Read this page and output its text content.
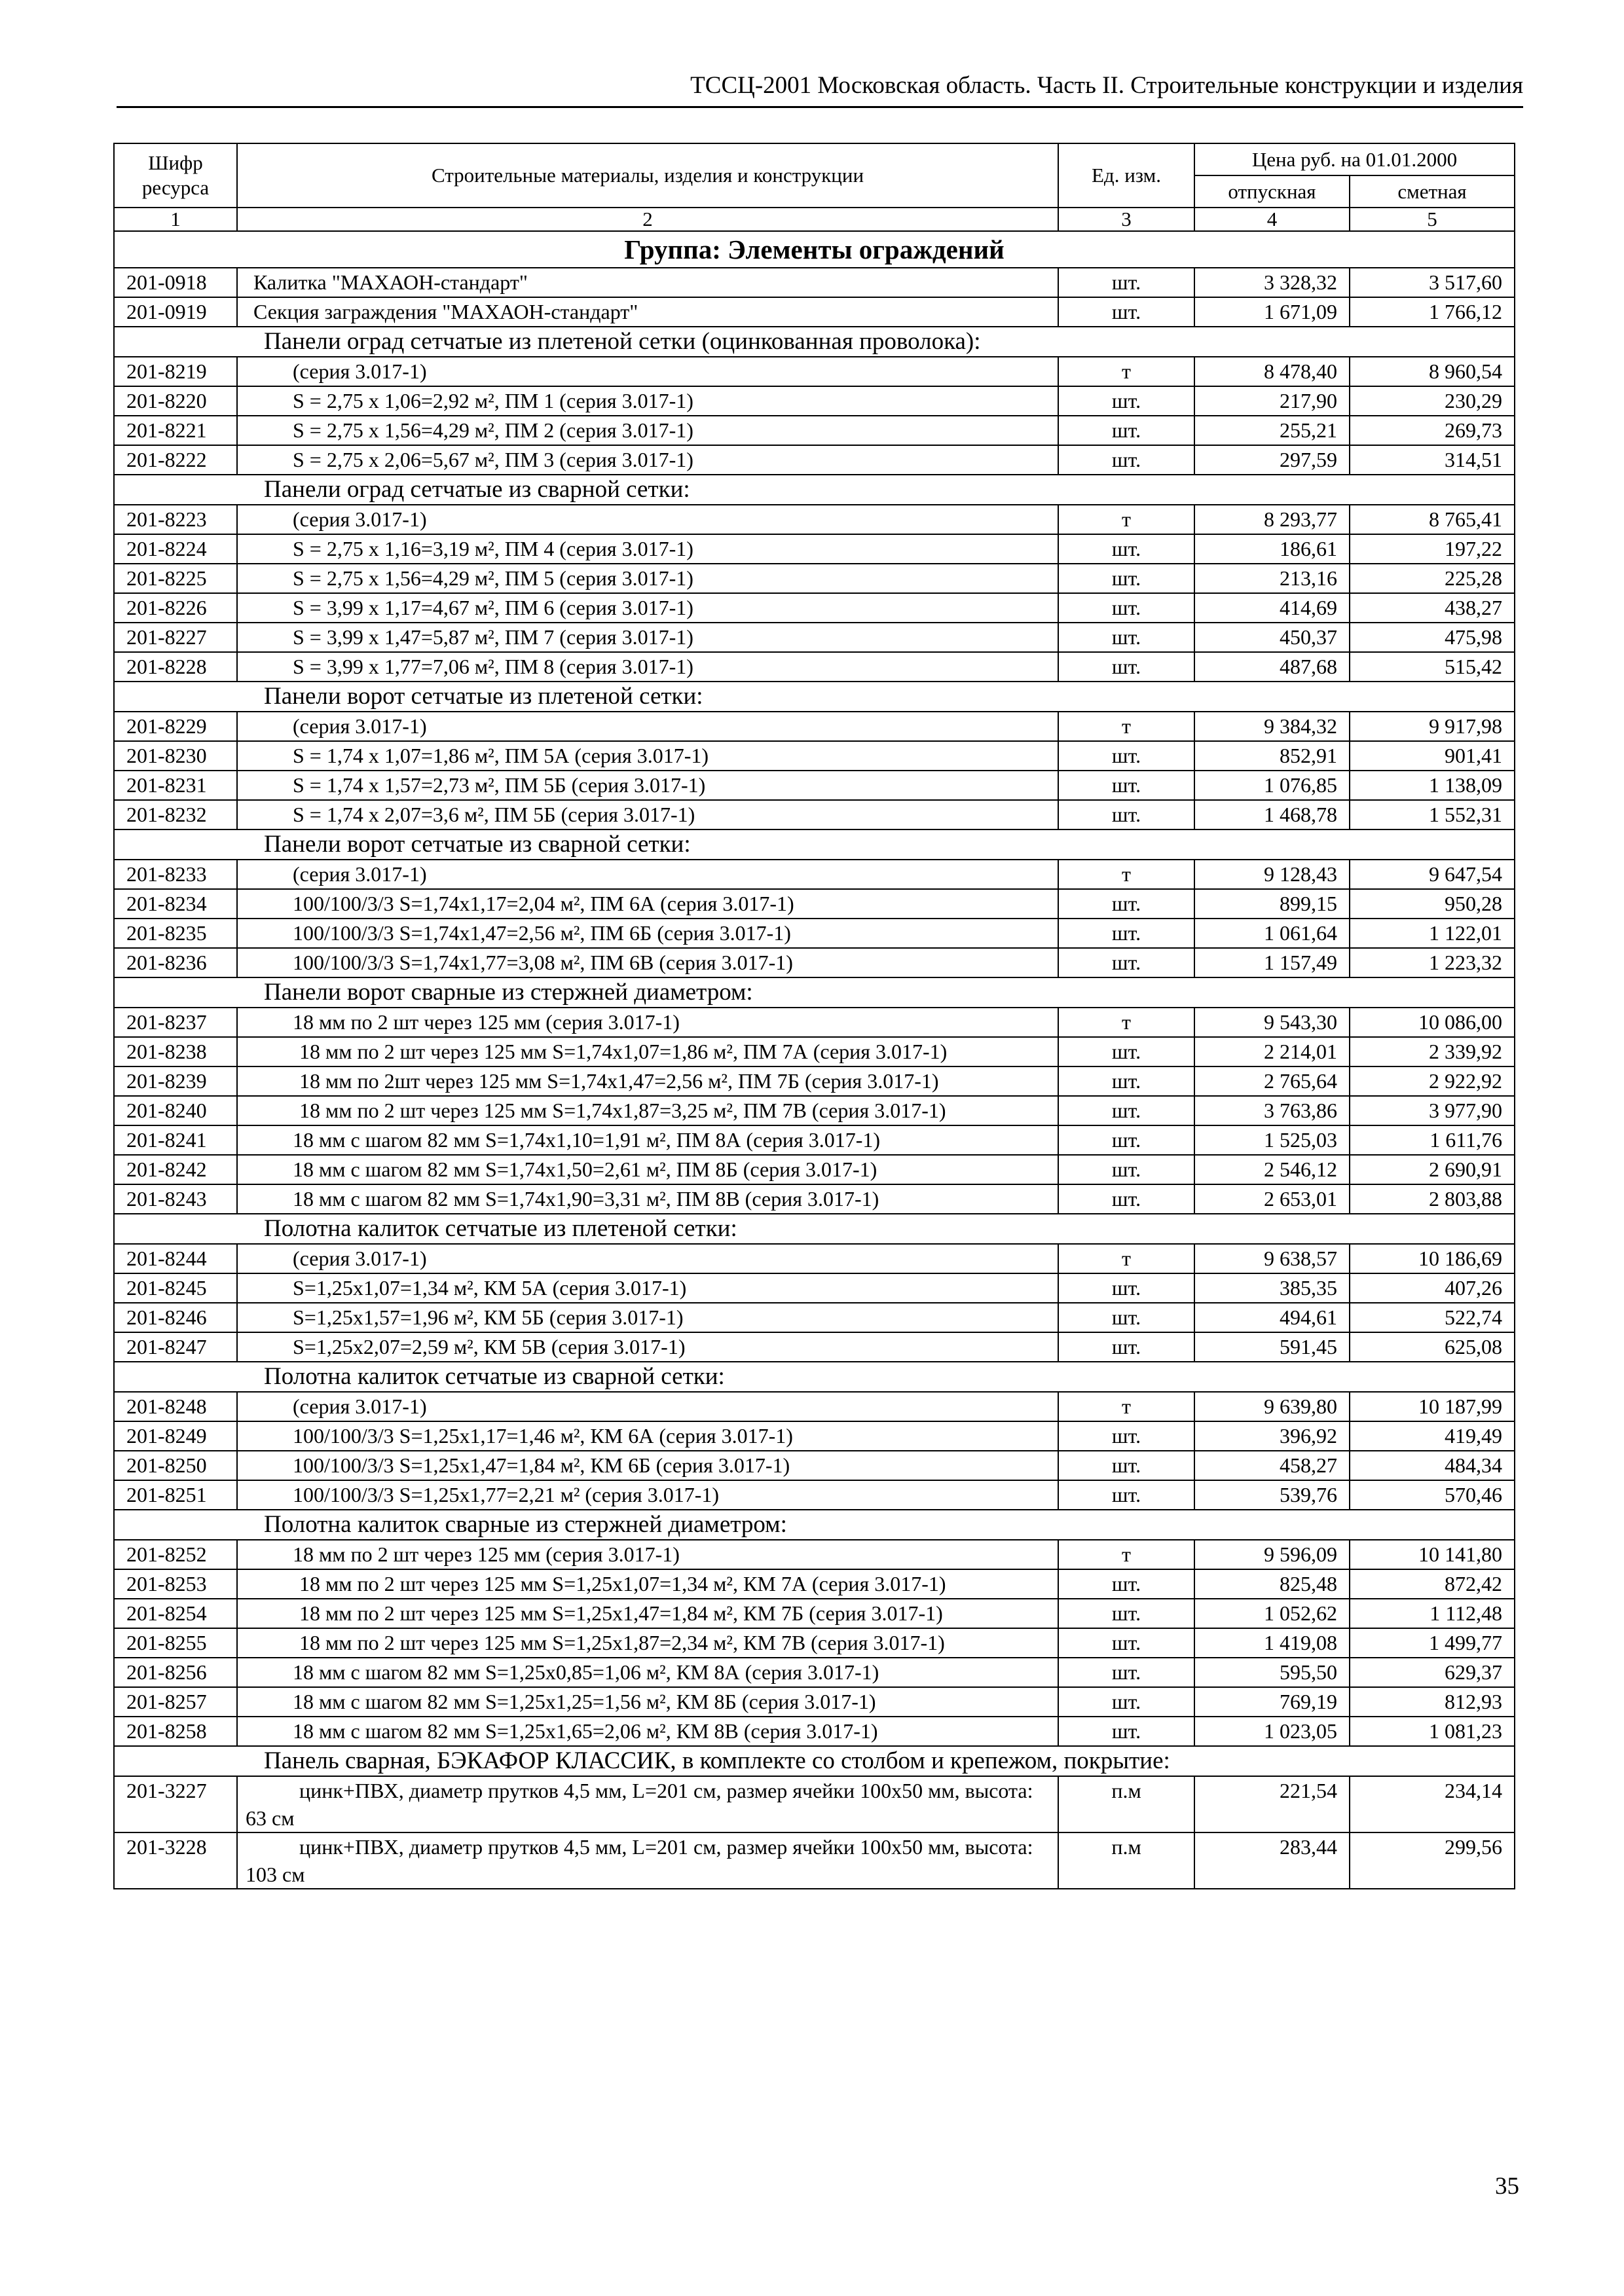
ТССЦ-2001 Московская область. Часть II. Строительные конструкции и изделия
Шифр ресурса	Строительные материалы, изделия и конструкции	Ед. изм.	Цена руб. на 01.01.2000	
			отпускная	сметная
1	2	3	4	5
Группа: Элементы ограждений				
201-0918	Калитка "МАХАОН-стандарт"	шт.	3 328,32	3 517,60
201-0919	Секция заграждения "МАХАОН-стандарт"	шт.	1 671,09	1 766,12

Панели оград сетчатые из плетеной сетки (оцинкованная проволока):				

201-8219	(серия 3.017-1)	т	8 478,40	8 960,54
201-8220	S = 2,75 x 1,06=2,92 м², ПМ 1 (серия 3.017-1)	шт.	217,90	230,29
201-8221	S = 2,75 x 1,56=4,29 м², ПМ 2 (серия 3.017-1)	шт.	255,21	269,73
201-8222	S = 2,75 x 2,06=5,67 м², ПМ 3 (серия 3.017-1)	шт.	297,59	314,51

Панели оград сетчатые из сварной сетки:				

201-8223	(серия 3.017-1)	т	8 293,77	8 765,41
201-8224	S = 2,75 x 1,16=3,19 м², ПМ 4 (серия 3.017-1)	шт.	186,61	197,22
201-8225	S = 2,75 x 1,56=4,29 м², ПМ 5 (серия 3.017-1)	шт.	213,16	225,28
201-8226	S = 3,99 x 1,17=4,67 м², ПМ 6 (серия 3.017-1)	шт.	414,69	438,27
201-8227	S = 3,99 x 1,47=5,87 м², ПМ 7 (серия 3.017-1)	шт.	450,37	475,98
201-8228	S = 3,99 x 1,77=7,06 м², ПМ 8 (серия 3.017-1)	шт.	487,68	515,42

Панели ворот сетчатые из плетеной сетки:				

201-8229	(серия 3.017-1)	т	9 384,32	9 917,98
201-8230	S = 1,74 x 1,07=1,86 м², ПМ 5А (серия 3.017-1)	шт.	852,91	901,41
201-8231	S = 1,74 x 1,57=2,73 м², ПМ 5Б (серия 3.017-1)	шт.	1 076,85	1 138,09
201-8232	S = 1,74 x 2,07=3,6 м², ПМ 5Б (серия 3.017-1)	шт.	1 468,78	1 552,31

Панели ворот сетчатые из сварной сетки:				

201-8233	(серия 3.017-1)	т	9 128,43	9 647,54
201-8234	100/100/3/3 S=1,74x1,17=2,04 м², ПМ 6А (серия 3.017-1)	шт.	899,15	950,28
201-8235	100/100/3/3 S=1,74x1,47=2,56 м², ПМ 6Б (серия 3.017-1)	шт.	1 061,64	1 122,01
201-8236	100/100/3/3 S=1,74x1,77=3,08 м², ПМ 6В (серия 3.017-1)	шт.	1 157,49	1 223,32

Панели ворот сварные из стержней диаметром:				

201-8237	18 мм по 2 шт через 125 мм (серия 3.017-1)	т	9 543,30	10 086,00
201-8238	18 мм по 2 шт через 125 мм S=1,74x1,07=1,86 м², ПМ 7А (серия 3.017-1)	шт.	2 214,01	2 339,92
201-8239	18 мм по 2шт через 125 мм S=1,74x1,47=2,56 м², ПМ 7Б (серия 3.017-1)	шт.	2 765,64	2 922,92
201-8240	18 мм по 2 шт через 125 мм S=1,74x1,87=3,25 м², ПМ 7В (серия 3.017-1)	шт.	3 763,86	3 977,90
201-8241	18 мм с шагом 82 мм S=1,74x1,10=1,91 м², ПМ 8А (серия 3.017-1)	шт.	1 525,03	1 611,76
201-8242	18 мм с шагом 82 мм S=1,74x1,50=2,61 м², ПМ 8Б (серия 3.017-1)	шт.	2 546,12	2 690,91
201-8243	18 мм с шагом 82 мм S=1,74x1,90=3,31 м², ПМ 8В (серия 3.017-1)	шт.	2 653,01	2 803,88

Полотна калиток сетчатые из плетеной сетки:				

201-8244	(серия 3.017-1)	т	9 638,57	10 186,69
201-8245	S=1,25x1,07=1,34 м², КМ 5А (серия 3.017-1)	шт.	385,35	407,26
201-8246	S=1,25x1,57=1,96 м², КМ 5Б (серия 3.017-1)	шт.	494,61	522,74
201-8247	S=1,25x2,07=2,59 м², КМ 5В (серия 3.017-1)	шт.	591,45	625,08

Полотна калиток сетчатые из сварной сетки:				

201-8248	(серия 3.017-1)	т	9 639,80	10 187,99
201-8249	100/100/3/3 S=1,25x1,17=1,46 м², КМ 6А (серия 3.017-1)	шт.	396,92	419,49
201-8250	100/100/3/3 S=1,25x1,47=1,84 м², КМ 6Б (серия 3.017-1)	шт.	458,27	484,34
201-8251	100/100/3/3 S=1,25x1,77=2,21 м² (серия 3.017-1)	шт.	539,76	570,46

Полотна калиток сварные из стержней диаметром:				

201-8252	18 мм по 2 шт через 125 мм (серия 3.017-1)	т	9 596,09	10 141,80
201-8253	18 мм по 2 шт через 125 мм S=1,25x1,07=1,34 м², КМ 7А (серия 3.017-1)	шт.	825,48	872,42
201-8254	18 мм по 2 шт через 125 мм S=1,25x1,47=1,84 м², КМ 7Б (серия 3.017-1)	шт.	1 052,62	1 112,48
201-8255	18 мм по 2 шт через 125 мм S=1,25x1,87=2,34 м², КМ 7В (серия 3.017-1)	шт.	1 419,08	1 499,77
201-8256	18 мм с шагом 82 мм S=1,25x0,85=1,06 м², КМ 8А (серия 3.017-1)	шт.	595,50	629,37
201-8257	18 мм с шагом 82 мм S=1,25x1,25=1,56 м², КМ 8Б (серия 3.017-1)	шт.	769,19	812,93
201-8258	18 мм с шагом 82 мм S=1,25x1,65=2,06 м², КМ 8В (серия 3.017-1)	шт.	1 023,05	1 081,23

Панель сварная, БЭКАФОР КЛАССИК, в комплекте со столбом и крепежом, покрытие:				

201-3227	цинк+ПВХ, диаметр прутков 4,5 мм, L=201 см, размер ячейки 100x50 мм, высота: 63 см	п.м	221,54	234,14
201-3228	цинк+ПВХ, диаметр прутков 4,5 мм, L=201 см, размер ячейки 100x50 мм, высота: 103 см	п.м	283,44	299,56
35
